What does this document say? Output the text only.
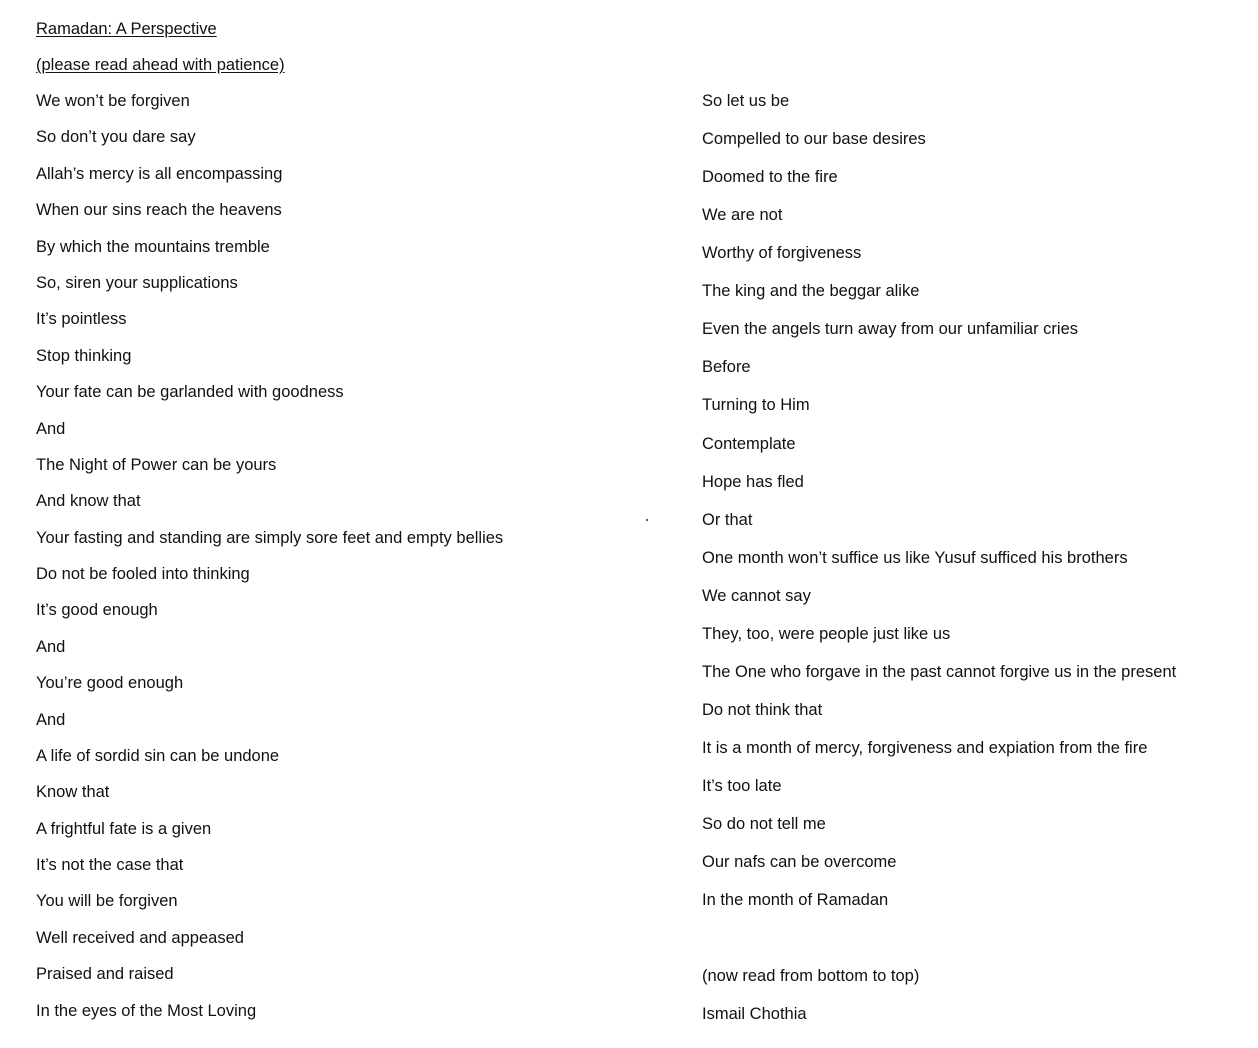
Ramadan: A Perspective
(please read ahead with patience)
We won’t be forgiven
So don’t you dare say
Allah’s mercy is all encompassing
When our sins reach the heavens
By which the mountains tremble
So, siren your supplications
It’s pointless
Stop thinking
Your fate can be garlanded with goodness
And
The Night of Power can be yours
And know that
Your fasting and standing are simply sore feet and empty bellies
Do not be fooled into thinking
It’s good enough
And
You’re good enough
And
A life of sordid sin can be undone
Know that
A frightful fate is a given
It’s not the case that
You will be forgiven
Well received and appeased
Praised and raised
In the eyes of the Most Loving
So let us be
Compelled to our base desires
Doomed to the fire
We are not
Worthy of forgiveness
The king and the beggar alike
Even the angels turn away from our unfamiliar cries
Before
Turning to Him
Contemplate
Hope has fled
Or that
One month won’t suffice us like Yusuf sufficed his brothers
We cannot say
They, too, were people just like us
The One who forgave in the past cannot forgive us in the present
Do not think that
It is a month of mercy, forgiveness and expiation from the fire
It’s too late
So do not tell me
Our nafs can be overcome
In the month of Ramadan
(now read from bottom to top)
Ismail Chothia
